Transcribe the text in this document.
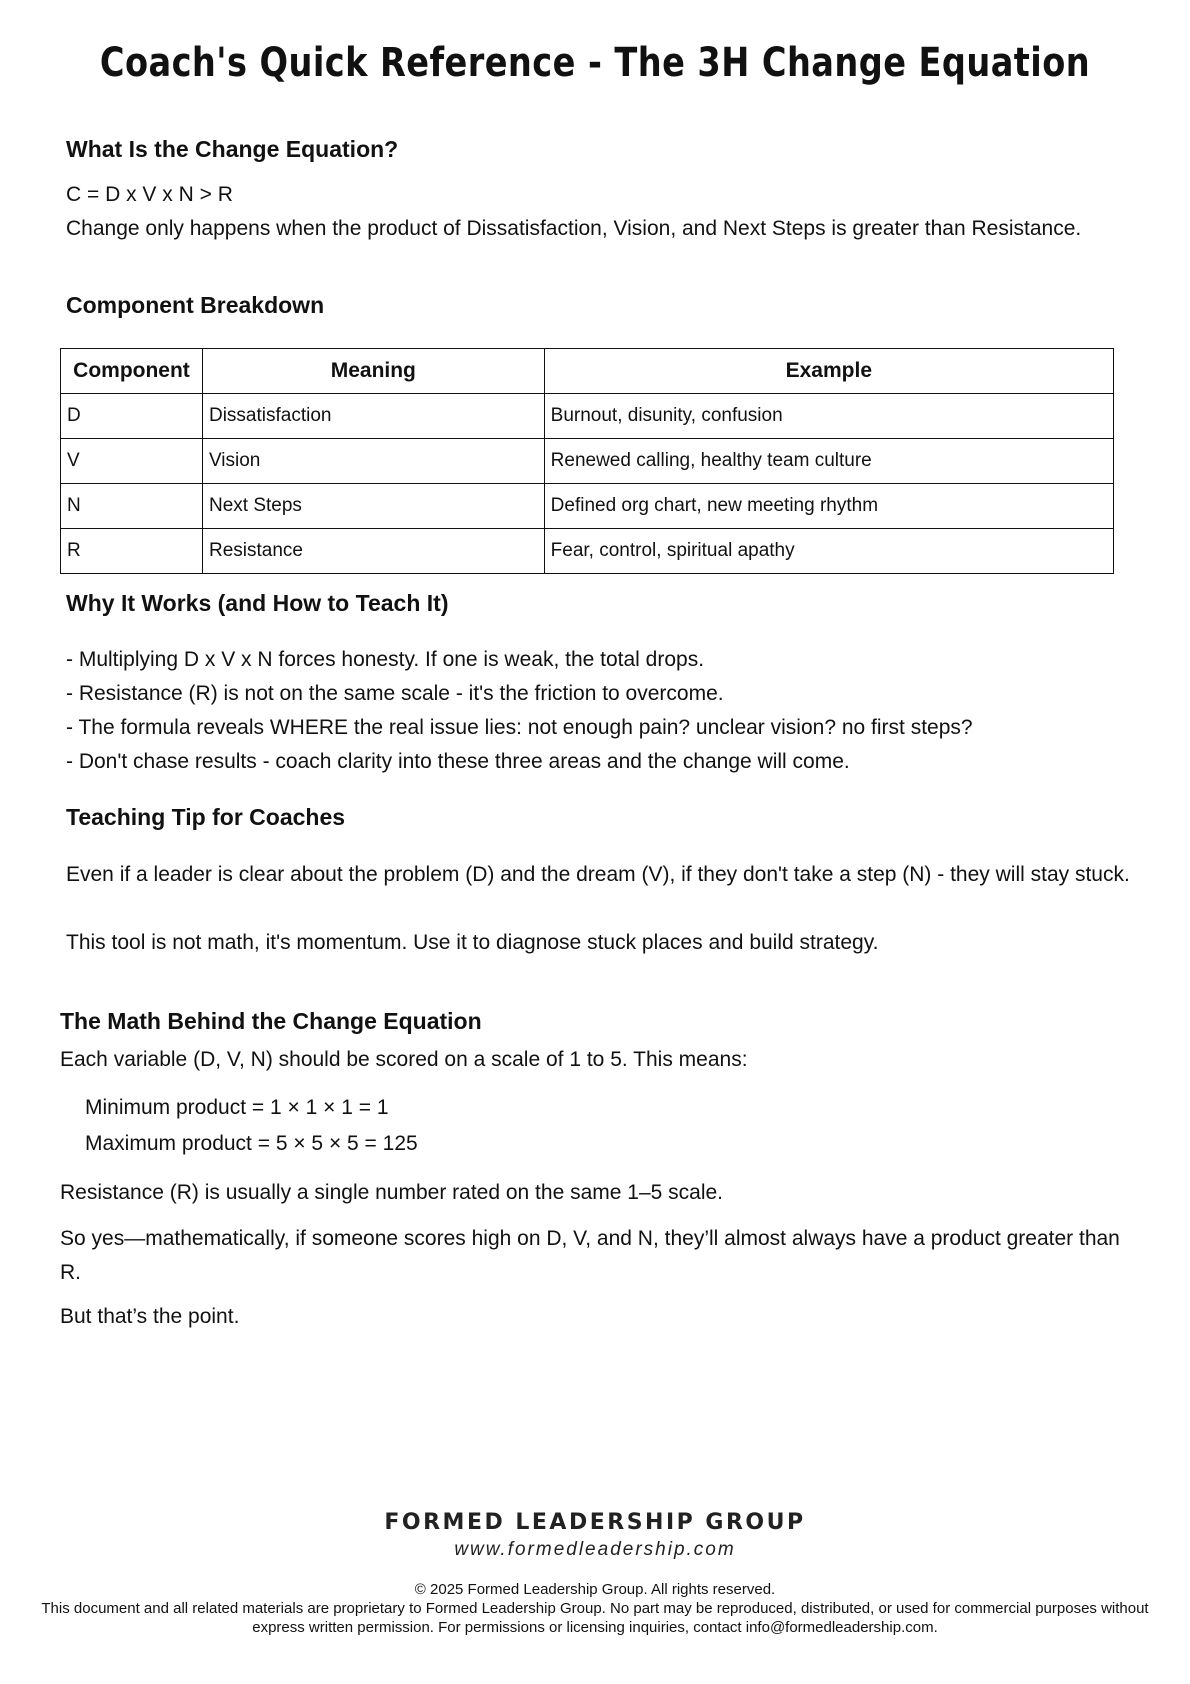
Coach's Quick Reference - The 3H Change Equation
What Is the Change Equation?

C = D x V x N > R

Change only happens when the product of Dissatisfaction, Vision, and Next Steps is greater than Resistance.

Component Breakdown
Component	Meaning	Example
D	Dissatisfaction	Burnout, disunity, confusion
V	Vision	Renewed calling, healthy team culture
N	Next Steps	Defined org chart, new meeting rhythm
R	Resistance	Fear, control, spiritual apathy
Why It Works (and How to Teach It)
- Multiplying D x V x N forces honesty. If one is weak, the total drops.
- Resistance (R) is not on the same scale - it's the friction to overcome.
- The formula reveals WHERE the real issue lies: not enough pain? unclear vision? no first steps?
- Don't chase results - coach clarity into these three areas and the change will come.
Teaching Tip for Coaches

Even if a leader is clear about the problem (D) and the dream (V), if they don't take a step (N) - they will stay stuck.

This tool is not math, it's momentum. Use it to diagnose stuck places and build strategy.

The Math Behind the Change Equation

Each variable (D, V, N) should be scored on a scale of 1 to 5. This means:

Minimum product = 1 × 1 × 1 = 1

Maximum product = 5 × 5 × 5 = 125

Resistance (R) is usually a single number rated on the same 1–5 scale.

So yes—mathematically, if someone scores high on D, V, and N, they’ll almost always have a product greater than R.

But that’s the point.

FORMED LEADERSHIP GROUP

www.formedleadership.com

© 2025 Formed Leadership Group. All rights reserved.
This document and all related materials are proprietary to Formed Leadership Group. No part may be reproduced, distributed, or used for commercial purposes without express written permission. For permissions or licensing inquiries, contact info@formedleadership.com.
